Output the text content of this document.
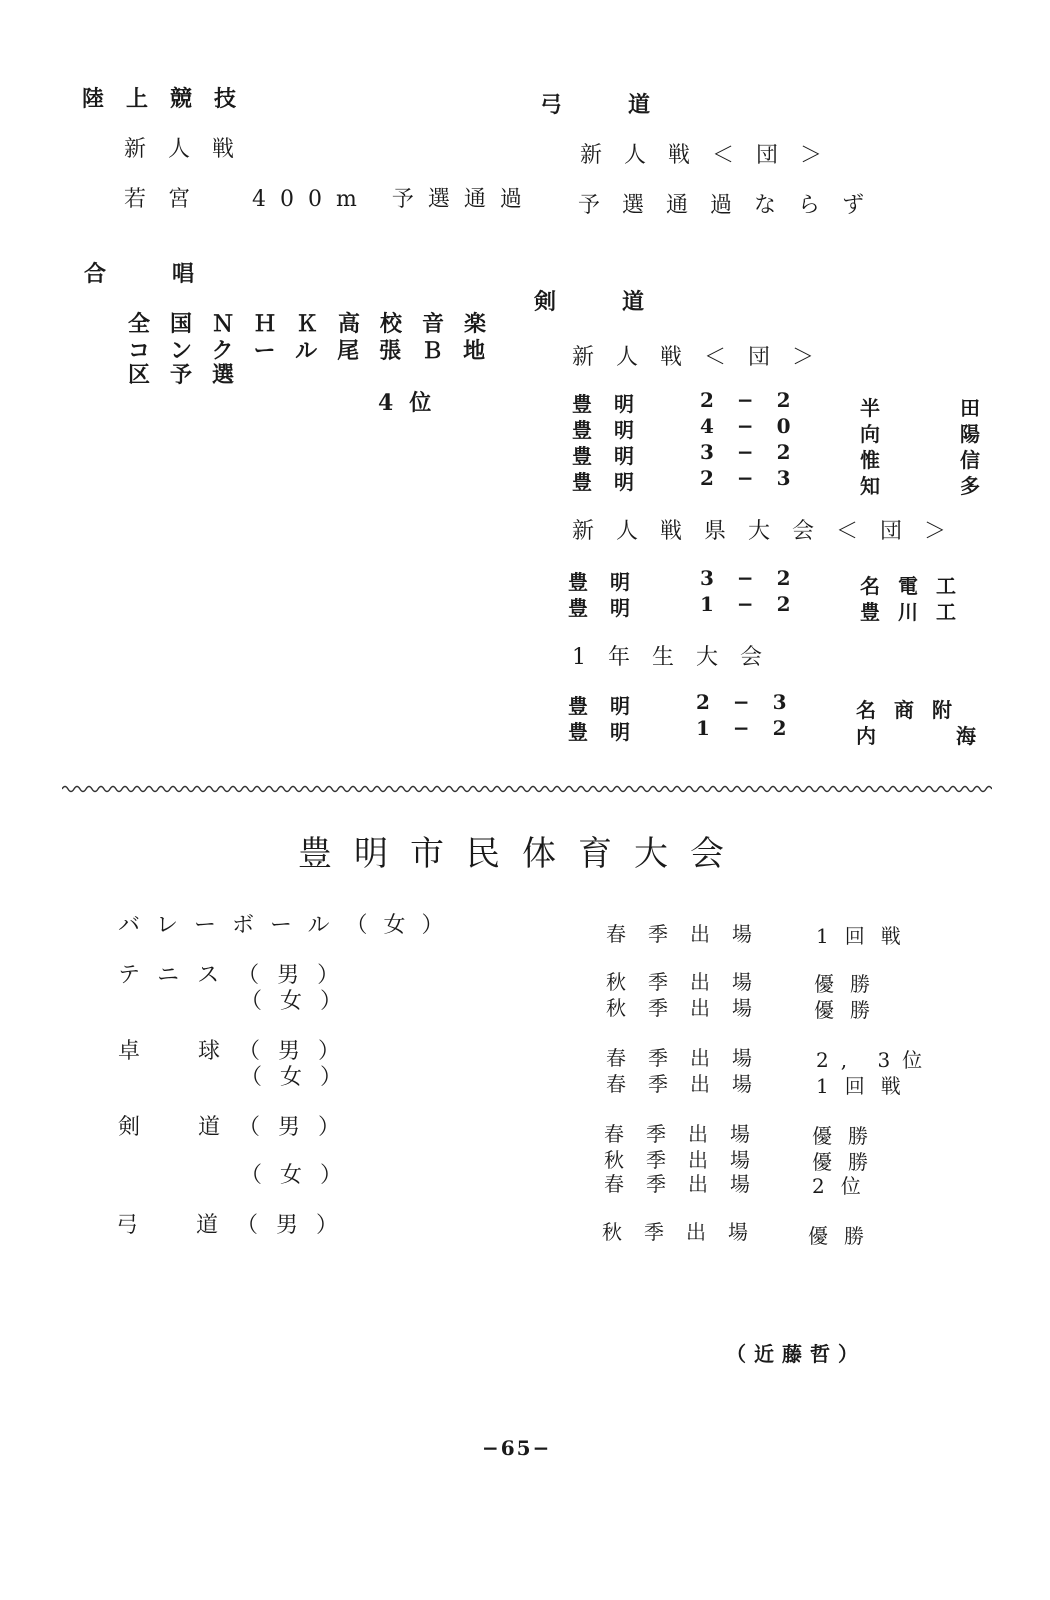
陸上競技
新人戦
若宮 400m 予選通過
合　唱
全国ＮＨＫ高校音楽
コンクール尾張Ｂ地
区予選
4位
弓　道
新人戦＜団＞
予選通過ならず
剣　道
新人戦＜団＞
豊明 2 − 2	半　田
豊明 4 − 0	向　陽
豊明 3 − 2	惟　信
豊明 2 − 3	知　多
新人戦県大会＜団＞
豊明 3 − 2	名電工
豊明 1 − 2	豊川工
1年生大会
豊明 2 − 3	名商附
豊明 1 − 2	内　海
豊明市民体育大会
バレーボール（女）	春季出場 1回戦
テニス（男）	秋季出場 優勝
（女）	秋季出場 優勝
卓　球（男）	春季出場 2, 3位
（女）	春季出場 1回戦
剣　道（男）	春季出場 優勝
秋季出場 優勝
（女）	春季出場 2位
弓　道（男）	秋季出場 優勝
（近藤哲）
−65−
